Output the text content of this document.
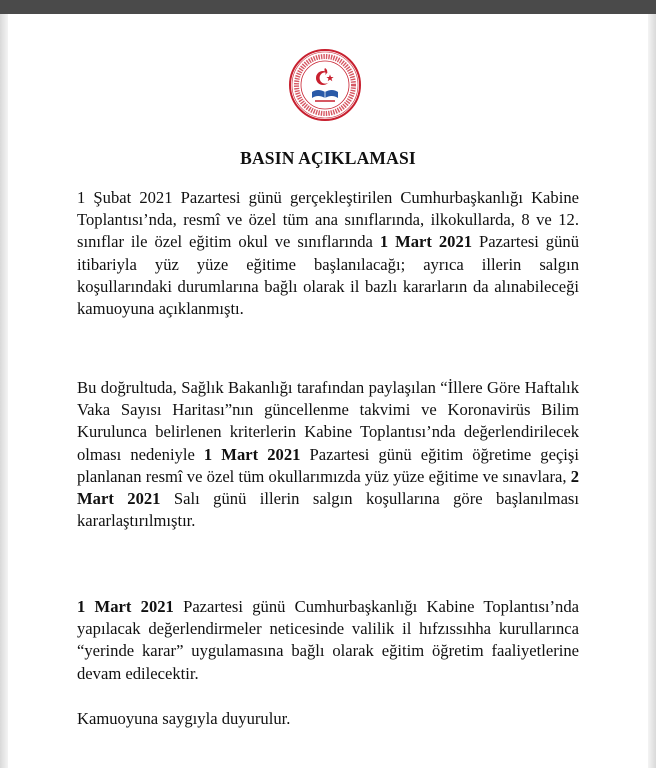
BASIN AÇIKLAMASI

1 Şubat 2021 Pazartesi günü gerçekleştirilen Cumhurbaşkanlığı Kabine Toplantısı’nda, resmî ve özel tüm ana sınıflarında, ilkokullarda, 8 ve 12. sınıflar ile özel eğitim okul ve sınıflarında 1 Mart 2021 Pazartesi günü itibariyla yüz yüze eğitime başlanılacağı; ayrıca illerin salgın koşullarındaki durumlarına bağlı olarak il bazlı kararların da alınabileceği kamuoyuna açıklanmıştı.

Bu doğrultuda, Sağlık Bakanlığı tarafından paylaşılan “İllere Göre Haftalık Vaka Sayısı Haritası”nın güncellenme takvimi ve Koronavirüs Bilim Kurulunca belirlenen kriterlerin Kabine Toplantısı’nda değerlendirilecek olması nedeniyle 1 Mart 2021 Pazartesi günü eğitim öğretime geçişi planlanan resmî ve özel tüm okullarımızda yüz yüze eğitime ve sınavlara, 2 Mart 2021 Salı günü illerin salgın koşullarına göre başlanılması kararlaştırılmıştır.

1 Mart 2021 Pazartesi günü Cumhurbaşkanlığı Kabine Toplantısı’nda yapılacak değerlendirmeler neticesinde valilik il hıfzıssıhha kurullarınca “yerinde karar” uygulamasına bağlı olarak eğitim öğretim faaliyetlerine devam edilecektir.

Kamuoyuna saygıyla duyurulur.
